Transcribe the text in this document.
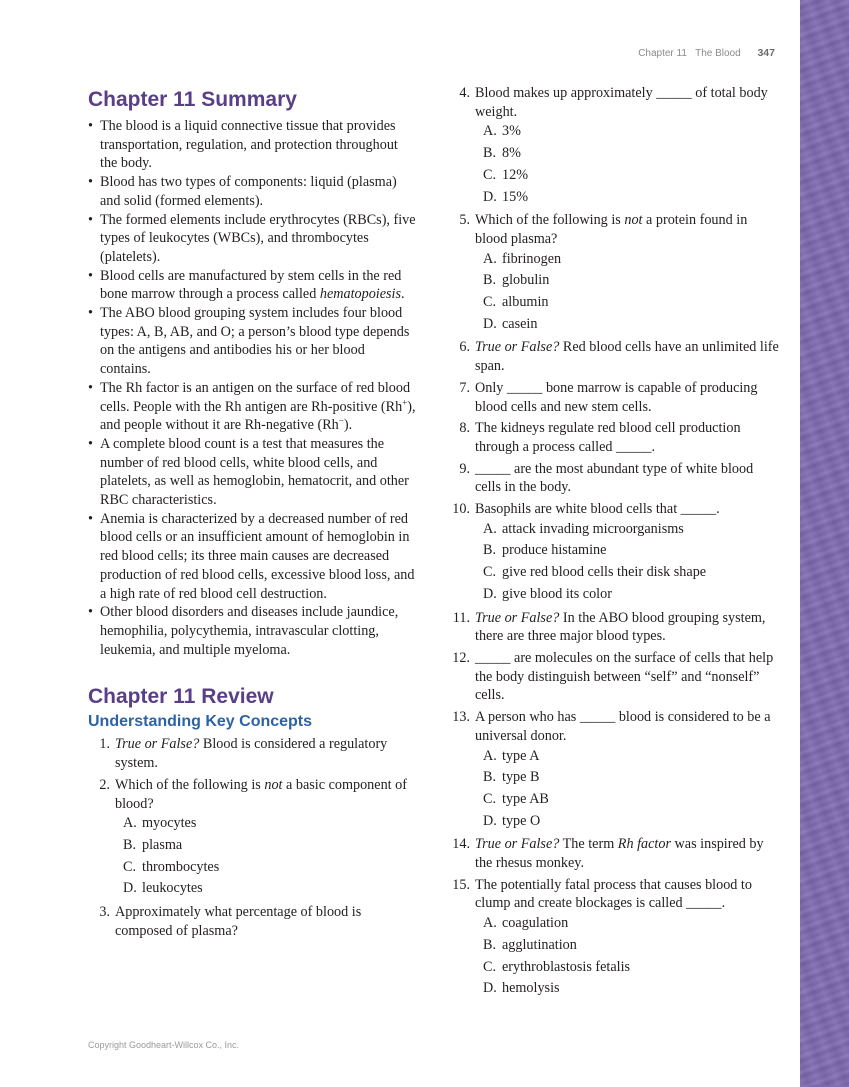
Chapter 11 The Blood 347
Chapter 11 Summary
• The blood is a liquid connective tissue that provides transportation, regulation, and protection throughout the body.
• Blood has two types of components: liquid (plasma) and solid (formed elements).
• The formed elements include erythrocytes (RBCs), five types of leukocytes (WBCs), and thrombocytes (platelets).
• Blood cells are manufactured by stem cells in the red bone marrow through a process called hematopoiesis.
• The ABO blood grouping system includes four blood types: A, B, AB, and O; a person’s blood type depends on the antigens and antibodies his or her blood contains.
• The Rh factor is an antigen on the surface of red blood cells. People with the Rh antigen are Rh-positive (Rh+), and people without it are Rh-negative (Rh−).
• A complete blood count is a test that measures the number of red blood cells, white blood cells, and platelets, as well as hemoglobin, hematocrit, and other RBC characteristics.
• Anemia is characterized by a decreased number of red blood cells or an insufficient amount of hemoglobin in red blood cells; its three main causes are decreased production of red blood cells, excessive blood loss, and a high rate of red blood cell destruction.
• Other blood disorders and diseases include jaundice, hemophilia, polycythemia, intravascular clotting, leukemia, and multiple myeloma.
Chapter 11 Review
Understanding Key Concepts
1. True or False? Blood is considered a regulatory system.
2. Which of the following is not a basic component of blood?
A. myocytes
B. plasma
C. thrombocytes
D. leukocytes
3. Approximately what percentage of blood is composed of plasma?
4. Blood makes up approximately _____ of total body weight.
A. 3%
B. 8%
C. 12%
D. 15%
5. Which of the following is not a protein found in blood plasma?
A. fibrinogen
B. globulin
C. albumin
D. casein
6. True or False? Red blood cells have an unlimited life span.
7. Only _____ bone marrow is capable of producing blood cells and new stem cells.
8. The kidneys regulate red blood cell production through a process called _____.
9. _____ are the most abundant type of white blood cells in the body.
10. Basophils are white blood cells that _____.
A. attack invading microorganisms
B. produce histamine
C. give red blood cells their disk shape
D. give blood its color
11. True or False? In the ABO blood grouping system, there are three major blood types.
12. _____ are molecules on the surface of cells that help the body distinguish between “self” and “nonself” cells.
13. A person who has _____ blood is considered to be a universal donor.
A. type A
B. type B
C. type AB
D. type O
14. True or False? The term Rh factor was inspired by the rhesus monkey.
15. The potentially fatal process that causes blood to clump and create blockages is called _____.
A. coagulation
B. agglutination
C. erythroblastosis fetalis
D. hemolysis
Copyright Goodheart-Willcox Co., Inc.
